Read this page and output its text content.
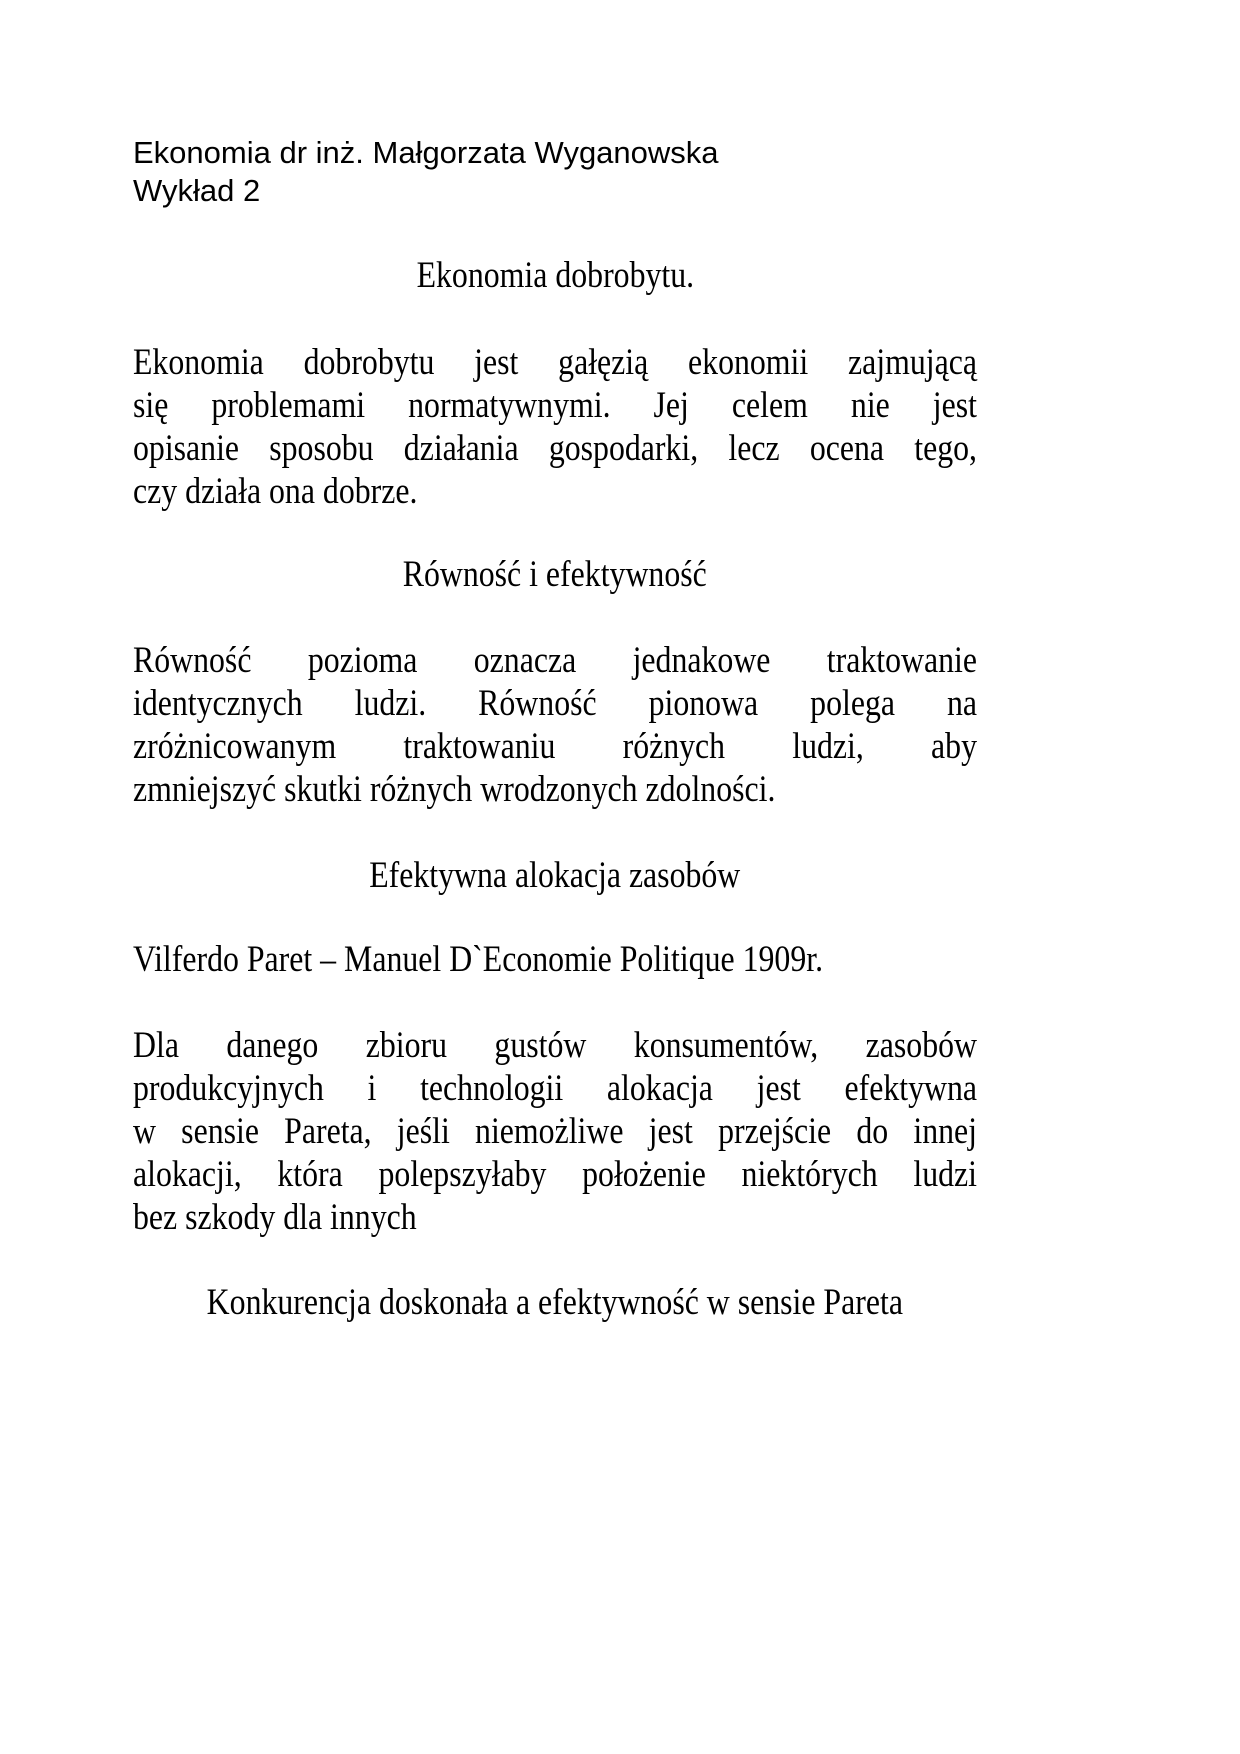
Ekonomia dr inż. Małgorzata Wyganowska
Wykład 2
Ekonomia dobrobytu.
Ekonomia dobrobytu jest gałęzią ekonomii zajmującą
się problemami normatywnymi. Jej celem nie jest
opisanie sposobu działania gospodarki, lecz ocena tego,
czy działa ona dobrze.
Równość i efektywność
Równość pozioma oznacza jednakowe traktowanie
identycznych ludzi. Równość pionowa polega na
zróżnicowanym traktowaniu różnych ludzi, aby
zmniejszyć skutki różnych wrodzonych zdolności.
Efektywna alokacja zasobów
Vilferdo Paret – Manuel D`Economie Politique 1909r.
Dla danego zbioru gustów konsumentów, zasobów
produkcyjnych i technologii alokacja jest efektywna
w sensie Pareta, jeśli niemożliwe jest przejście do innej
alokacji, która polepszyłaby położenie niektórych ludzi
bez szkody dla innych
Konkurencja doskonała a efektywność w sensie Pareta
